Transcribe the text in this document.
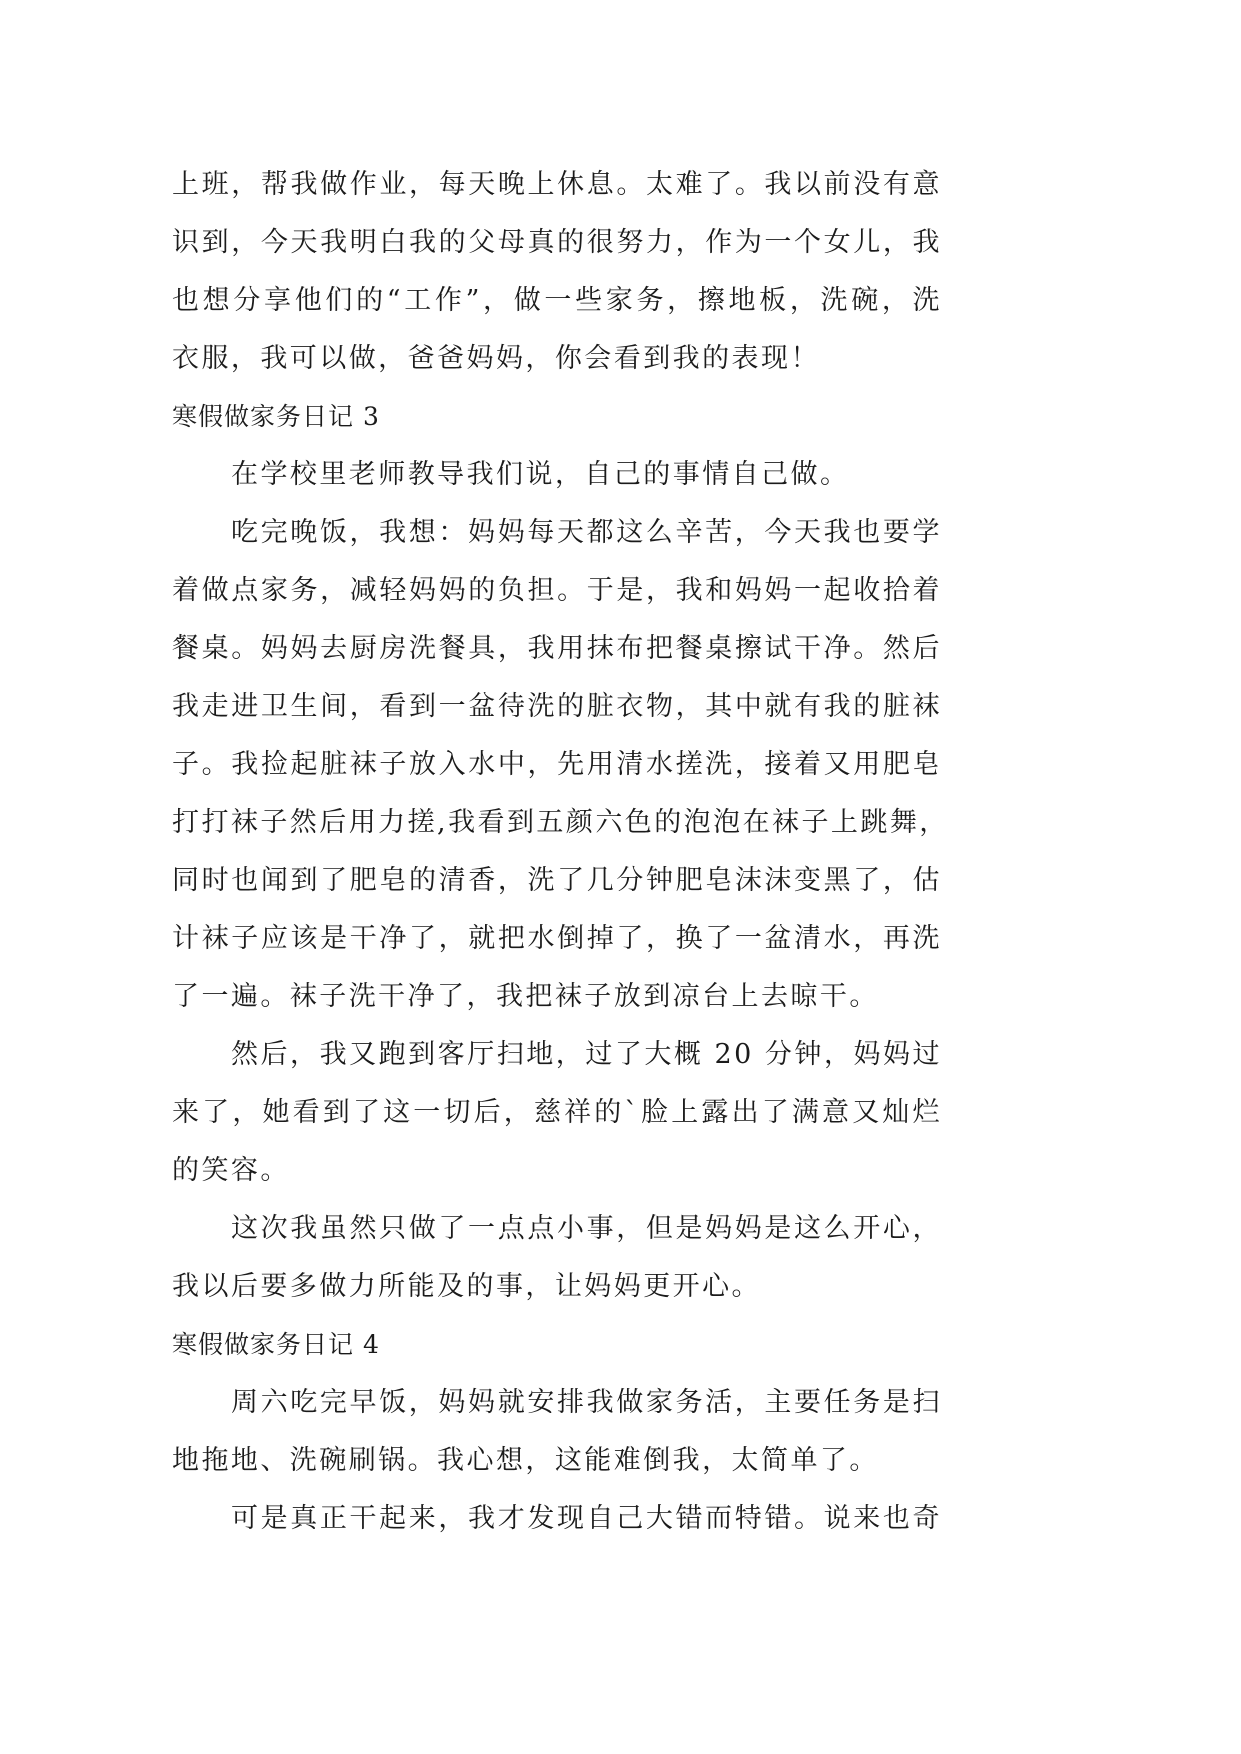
上班，帮我做作业，每天晚上休息。太难了。我以前没有意
识到，今天我明白我的父母真的很努力，作为一个女儿，我
也想分享他们的“工作”，做一些家务，擦地板，洗碗，洗
衣服，我可以做，爸爸妈妈，你会看到我的表现！
寒假做家务日记 3
在学校里老师教导我们说，自己的事情自己做。
吃完晚饭，我想：妈妈每天都这么辛苦，今天我也要学
着做点家务，减轻妈妈的负担。于是，我和妈妈一起收拾着
餐桌。妈妈去厨房洗餐具，我用抹布把餐桌擦试干净。然后
我走进卫生间，看到一盆待洗的脏衣物，其中就有我的脏袜
子。我捡起脏袜子放入水中，先用清水搓洗，接着又用肥皂
打打袜子然后用力搓,我看到五颜六色的泡泡在袜子上跳舞，
同时也闻到了肥皂的清香，洗了几分钟肥皂沫沫变黑了，估
计袜子应该是干净了，就把水倒掉了，换了一盆清水，再洗
了一遍。袜子洗干净了，我把袜子放到凉台上去晾干。
然后，我又跑到客厅扫地，过了大概 20 分钟，妈妈过
来了，她看到了这一切后，慈祥的`脸上露出了满意又灿烂
的笑容。
这次我虽然只做了一点点小事，但是妈妈是这么开心，
我以后要多做力所能及的事，让妈妈更开心。
寒假做家务日记 4
周六吃完早饭，妈妈就安排我做家务活，主要任务是扫
地拖地、洗碗刷锅。我心想，这能难倒我，太简单了。
可是真正干起来，我才发现自己大错而特错。说来也奇
